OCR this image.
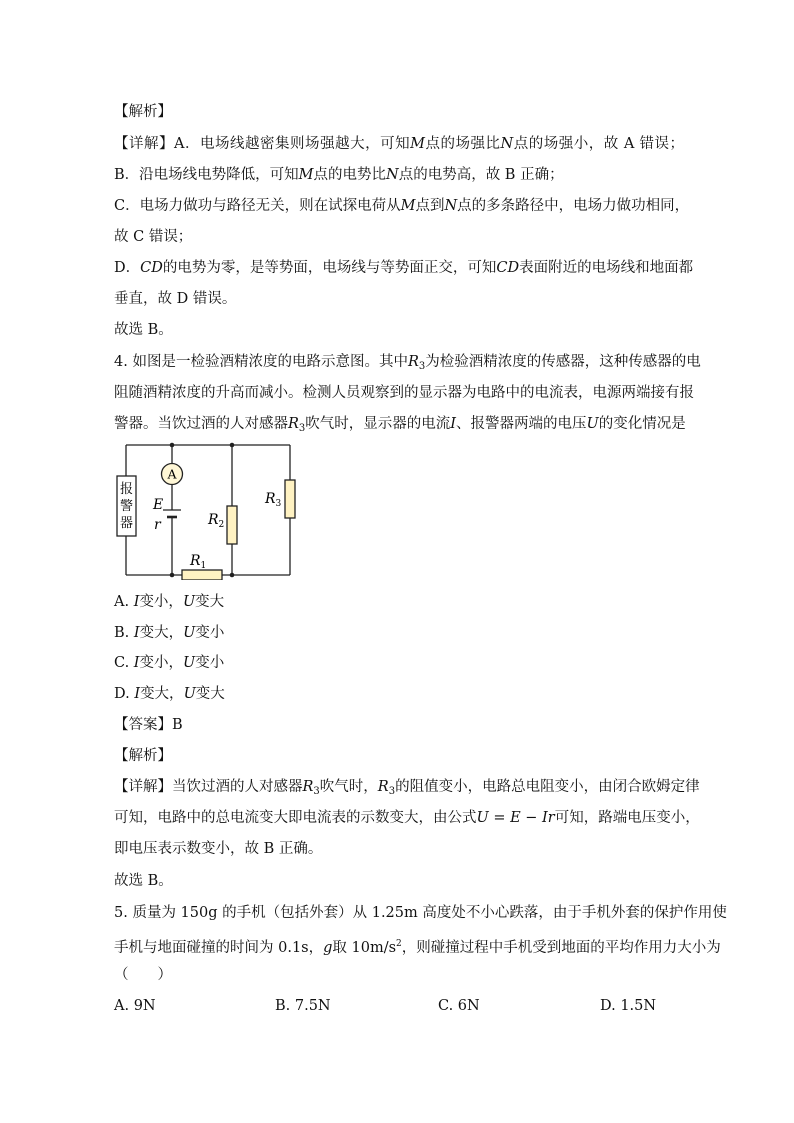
【解析】
【详解】A．电场线越密集则场强越大，可知M点的场强比N点的场强小，故 A 错误；
B．沿电场线电势降低，可知M点的电势比N点的电势高，故 B 正确；
C．电场力做功与路径无关，则在试探电荷从M点到N点的多条路径中，电场力做功相同，
故 C 错误；
D．CD的电势为零，是等势面，电场线与等势面正交，可知CD表面附近的电场线和地面都
垂直，故 D 错误。
故选 B。
4. 如图是一检验酒精浓度的电路示意图。其中$R_3$为检验酒精浓度的传感器，这种传感器的电
阻随酒精浓度的升高而减小。检测人员观察到的显示器为电路中的电流表，电源两端接有报
警器。当饮过酒的人对感器$R_3$吹气时，显示器的电流I、报警器两端的电压U的变化情况是
报
警
器
A
E
r
$R_1$
$R_2$
$R_3$
A. I变小，U变大
B. I变大，U变小
C. I变小，U变小
D. I变大，U变大
【答案】B
【解析】
【详解】当饮过酒的人对感器$R_3$吹气时，$R_3$的阻值变小，电路总电阻变小，由闭合欧姆定律
可知，电路中的总电流变大即电流表的示数变大，由公式U = E − Ir可知，路端电压变小，
即电压表示数变小，故 B 正确。
故选 B。
5. 质量为 150g 的手机（包括外套）从 1.25m 高度处不小心跌落，由于手机外套的保护作用使
手机与地面碰撞的时间为 0.1s，g取 $10m/s^2$，则碰撞过程中手机受到地面的平均作用力大小为
（　　）
A. 9N	B. 7.5N	C. 6N	D. 1.5N
